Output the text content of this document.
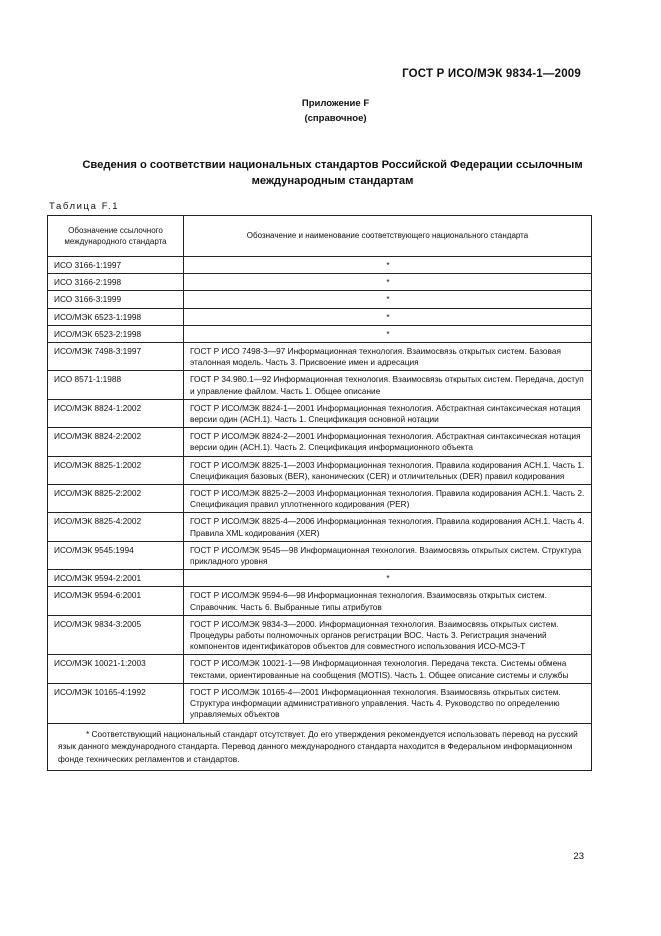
ГОСТ Р ИСО/МЭК 9834-1—2009
Приложение F
(справочное)
Сведения о соответствии национальных стандартов Российской Федерации ссылочным международным стандартам
Таблица F.1
Обозначение ссылочного международного стандарта	Обозначение и наименование соответствующего национального стандарта
ИСО 3166-1:1997	*
ИСО 3166-2:1998	*
ИСО 3166-3:1999	*
ИСО/МЭК 6523-1:1998	*
ИСО/МЭК 6523-2:1998	*
ИСО/МЭК 7498-3:1997	ГОСТ Р ИСО 7498-3—97 Информационная технология. Взаимосвязь открытых систем. Базовая эталонная модель. Часть 3. Присвоение имен и адресация
ИСО 8571-1:1988	ГОСТ Р 34.980.1—92 Информационная технология. Взаимосвязь открытых систем. Передача, доступ и управление файлом. Часть 1. Общее описание
ИСО/МЭК 8824-1:2002	ГОСТ Р ИСО/МЭК 8824-1—2001 Информационная технология. Абстрактная синтаксическая нотация версии один (АСН.1). Часть 1. Спецификация основной нотации
ИСО/МЭК 8824-2:2002	ГОСТ Р ИСО/МЭК 8824-2—2001 Информационная технология. Абстрактная синтаксическая нотация версии один (АСН.1). Часть 2. Спецификация информационного объекта
ИСО/МЭК 8825-1:2002	ГОСТ Р ИСО/МЭК 8825-1—2003 Информационная технология. Правила кодирования АСН.1. Часть 1. Спецификация базовых (BER), канонических (CER) и отличительных (DER) правил кодирования
ИСО/МЭК 8825-2:2002	ГОСТ Р ИСО/МЭК 8825-2—2003 Информационная технология. Правила кодирования АСН.1. Часть 2. Спецификация правил уплотненного кодирования (PER)
ИСО/МЭК 8825-4:2002	ГОСТ Р ИСО/МЭК 8825-4—2006 Информационная технология. Правила кодирования АСН.1. Часть 4. Правила XML кодирования (XER)
ИСО/МЭК 9545:1994	ГОСТ Р ИСО/МЭК 9545—98 Информационная технология. Взаимосвязь открытых систем. Структура прикладного уровня
ИСО/МЭК 9594-2:2001	*
ИСО/МЭК 9594-6:2001	ГОСТ Р ИСО/МЭК 9594-6—98 Информационная технология. Взаимосвязь открытых систем. Справочник. Часть 6. Выбранные типы атрибутов
ИСО/МЭК 9834-3:2005	ГОСТ Р ИСО/МЭК 9834-3—2000. Информационная технология. Взаимосвязь открытых систем. Процедуры работы полномочных органов регистрации ВОС. Часть 3. Регистрация значений компонентов идентификаторов объектов для совместного использования ИСО-МСЭ-Т
ИСО/МЭК 10021-1:2003	ГОСТ Р ИСО/МЭК 10021-1—98 Информационная технология. Передача текста. Системы обмена текстами, ориентированные на сообщения (MOTIS). Часть 1. Общее описание системы и службы
ИСО/МЭК 10165-4:1992	ГОСТ Р ИСО/МЭК 10165-4—2001 Информационная технология. Взаимосвязь открытых систем. Структура информации административного управления. Часть 4. Руководство по определению управляемых объектов

* Соответствующий национальный стандарт отсутствует. До его утверждения рекомендуется использовать перевод на русский язык данного международного стандарта. Перевод данного международного стандарта находится в Федеральном информационном фонде технических регламентов и стандартов.	
23
